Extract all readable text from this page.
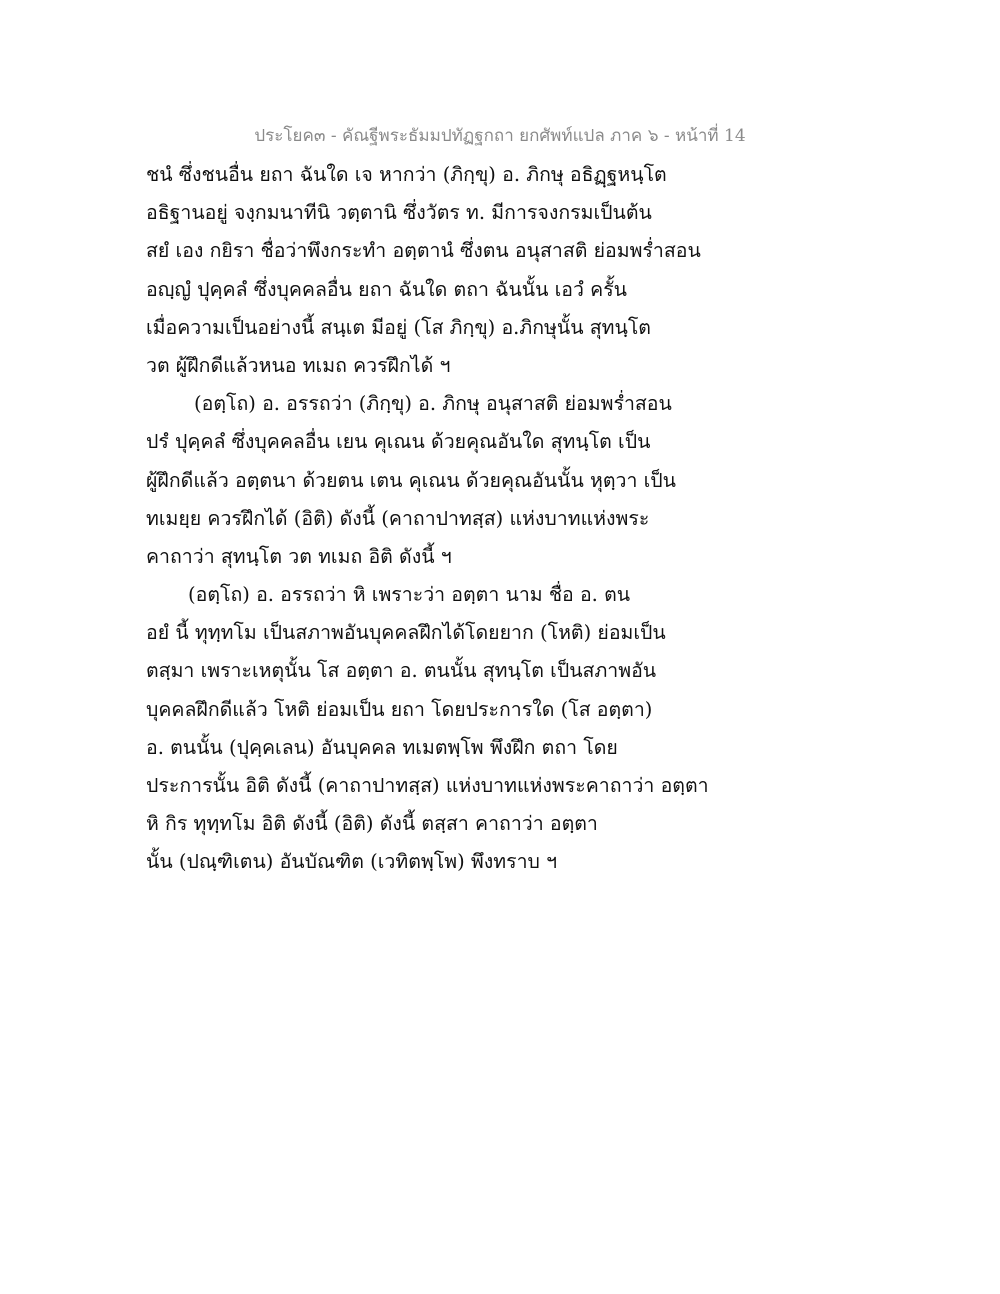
ประโยค๓ - คัณฐีพระธัมมปทัฏฐกถา ยกศัพท์แปล ภาค ๖ - หน้าที่ 14
ชนํ ซึ่งชนอื่น ยถา ฉันใด เจ หากว่า (ภิกฺขุ) อ. ภิกษุ อธิฏฺฐหนฺโต
อธิฐานอยู่ จงฺกมนาทีนิ วตฺตานิ ซึ่งวัตร ท. มีการจงกรมเป็นต้น
สยํ เอง กยิรา ชื่อว่าพึงกระทำ อตฺตานํ ซึ่งตน อนุสาสติ ย่อมพร่ำสอน
อญฺญํ ปุคฺคลํ ซึ่งบุคคลอื่น ยถา ฉันใด ตถา ฉันนั้น เอวํ ครั้น
เมื่อความเป็นอย่างนี้ สนฺเต มีอยู่ (โส ภิกฺขุ) อ.ภิกษุนั้น สุทนฺโต
วต ผู้ฝึกดีแล้วหนอ ทเมถ ควรฝึกได้ ฯ
(อตฺโถ) อ. อรรถว่า (ภิกฺขุ) อ. ภิกษุ อนุสาสติ ย่อมพร่ำสอน
ปรํ ปุคฺคลํ ซึ่งบุคคลอื่น เยน คุเณน ด้วยคุณอันใด สุทนฺโต เป็น
ผู้ฝึกดีแล้ว อตฺตนา ด้วยตน เตน คุเณน ด้วยคุณอันนั้น หุตฺวา เป็น
ทเมยฺย ควรฝึกได้ (อิติ) ดังนี้ (คาถาปาทสฺส) แห่งบาทแห่งพระ
คาถาว่า สุทนฺโต วต ทเมถ อิติ ดังนี้ ฯ
(อตฺโถ) อ. อรรถว่า หิ เพราะว่า อตฺตา นาม ชื่อ อ. ตน
อยํ นี้ ทุทฺทโม เป็นสภาพอันบุคคลฝึกได้โดยยาก (โหติ) ย่อมเป็น
ตสฺมา เพราะเหตุนั้น โส อตฺตา อ. ตนนั้น สุทนฺโต เป็นสภาพอัน
บุคคลฝึกดีแล้ว โหติ ย่อมเป็น ยถา โดยประการใด (โส อตฺตา)
อ. ตนนั้น (ปุคฺคเลน) อันบุคคล ทเมตพฺโพ พึงฝึก ตถา โดย
ประการนั้น อิติ ดังนี้ (คาถาปาทสฺส) แห่งบาทแห่งพระคาถาว่า อตฺตา
หิ กิร ทุทฺทโม อิติ ดังนี้ (อิติ) ดังนี้ ตสฺสา คาถาว่า อตฺตา
นั้น (ปณฺฑิเตน) อันบัณฑิต (เวทิตพฺโพ) พึงทราบ ฯ
